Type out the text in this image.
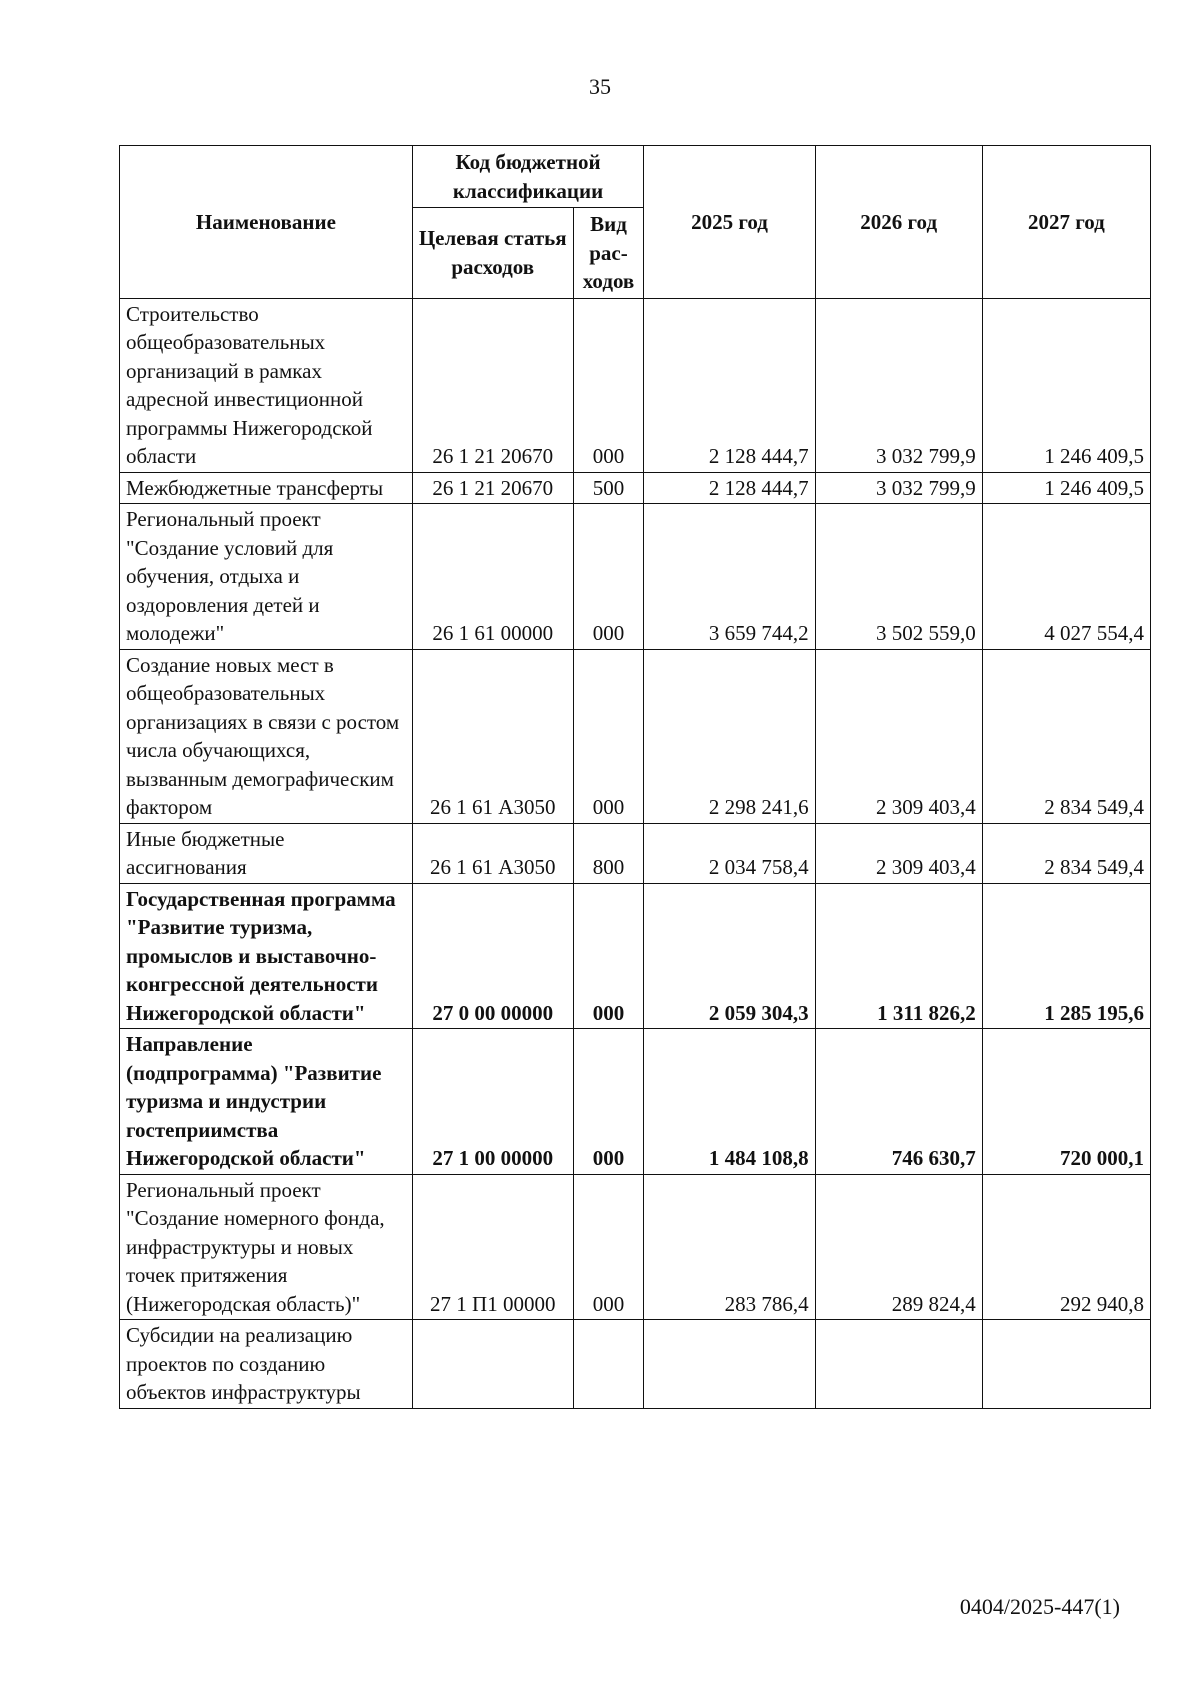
35
Наименование	Код бюджетной классификации		2025 год	2026 год	2027 год
	Целевая статья расходов	Вид рас-ходов			
Строительство общеобразовательных организаций в рамках адресной инвестиционной программы Нижегородской области	26 1 21 20670	000	2 128 444,7	3 032 799,9	1 246 409,5
Межбюджетные трансферты	26 1 21 20670	500	2 128 444,7	3 032 799,9	1 246 409,5
Региональный проект "Создание условий для обучения, отдыха и оздоровления детей и молодежи"	26 1 61 00000	000	3 659 744,2	3 502 559,0	4 027 554,4
Создание новых мест в общеобразовательных организациях в связи с ростом числа обучающихся, вызванным демографическим фактором	26 1 61 А3050	000	2 298 241,6	2 309 403,4	2 834 549,4
Иные бюджетные ассигнования	26 1 61 А3050	800	2 034 758,4	2 309 403,4	2 834 549,4
Государственная программа "Развитие туризма, промыслов и выставочно-конгрессной деятельности Нижегородской области"	27 0 00 00000	000	2 059 304,3	1 311 826,2	1 285 195,6
Направление (подпрограмма) "Развитие туризма и индустрии гостеприимства Нижегородской области"	27 1 00 00000	000	1 484 108,8	746 630,7	720 000,1
Региональный проект "Создание номерного фонда, инфраструктуры и новых точек притяжения (Нижегородская область)"	27 1 П1 00000	000	283 786,4	289 824,4	292 940,8
Субсидии на реализацию проектов по созданию объектов инфраструктуры					
0404/2025-447(1)
